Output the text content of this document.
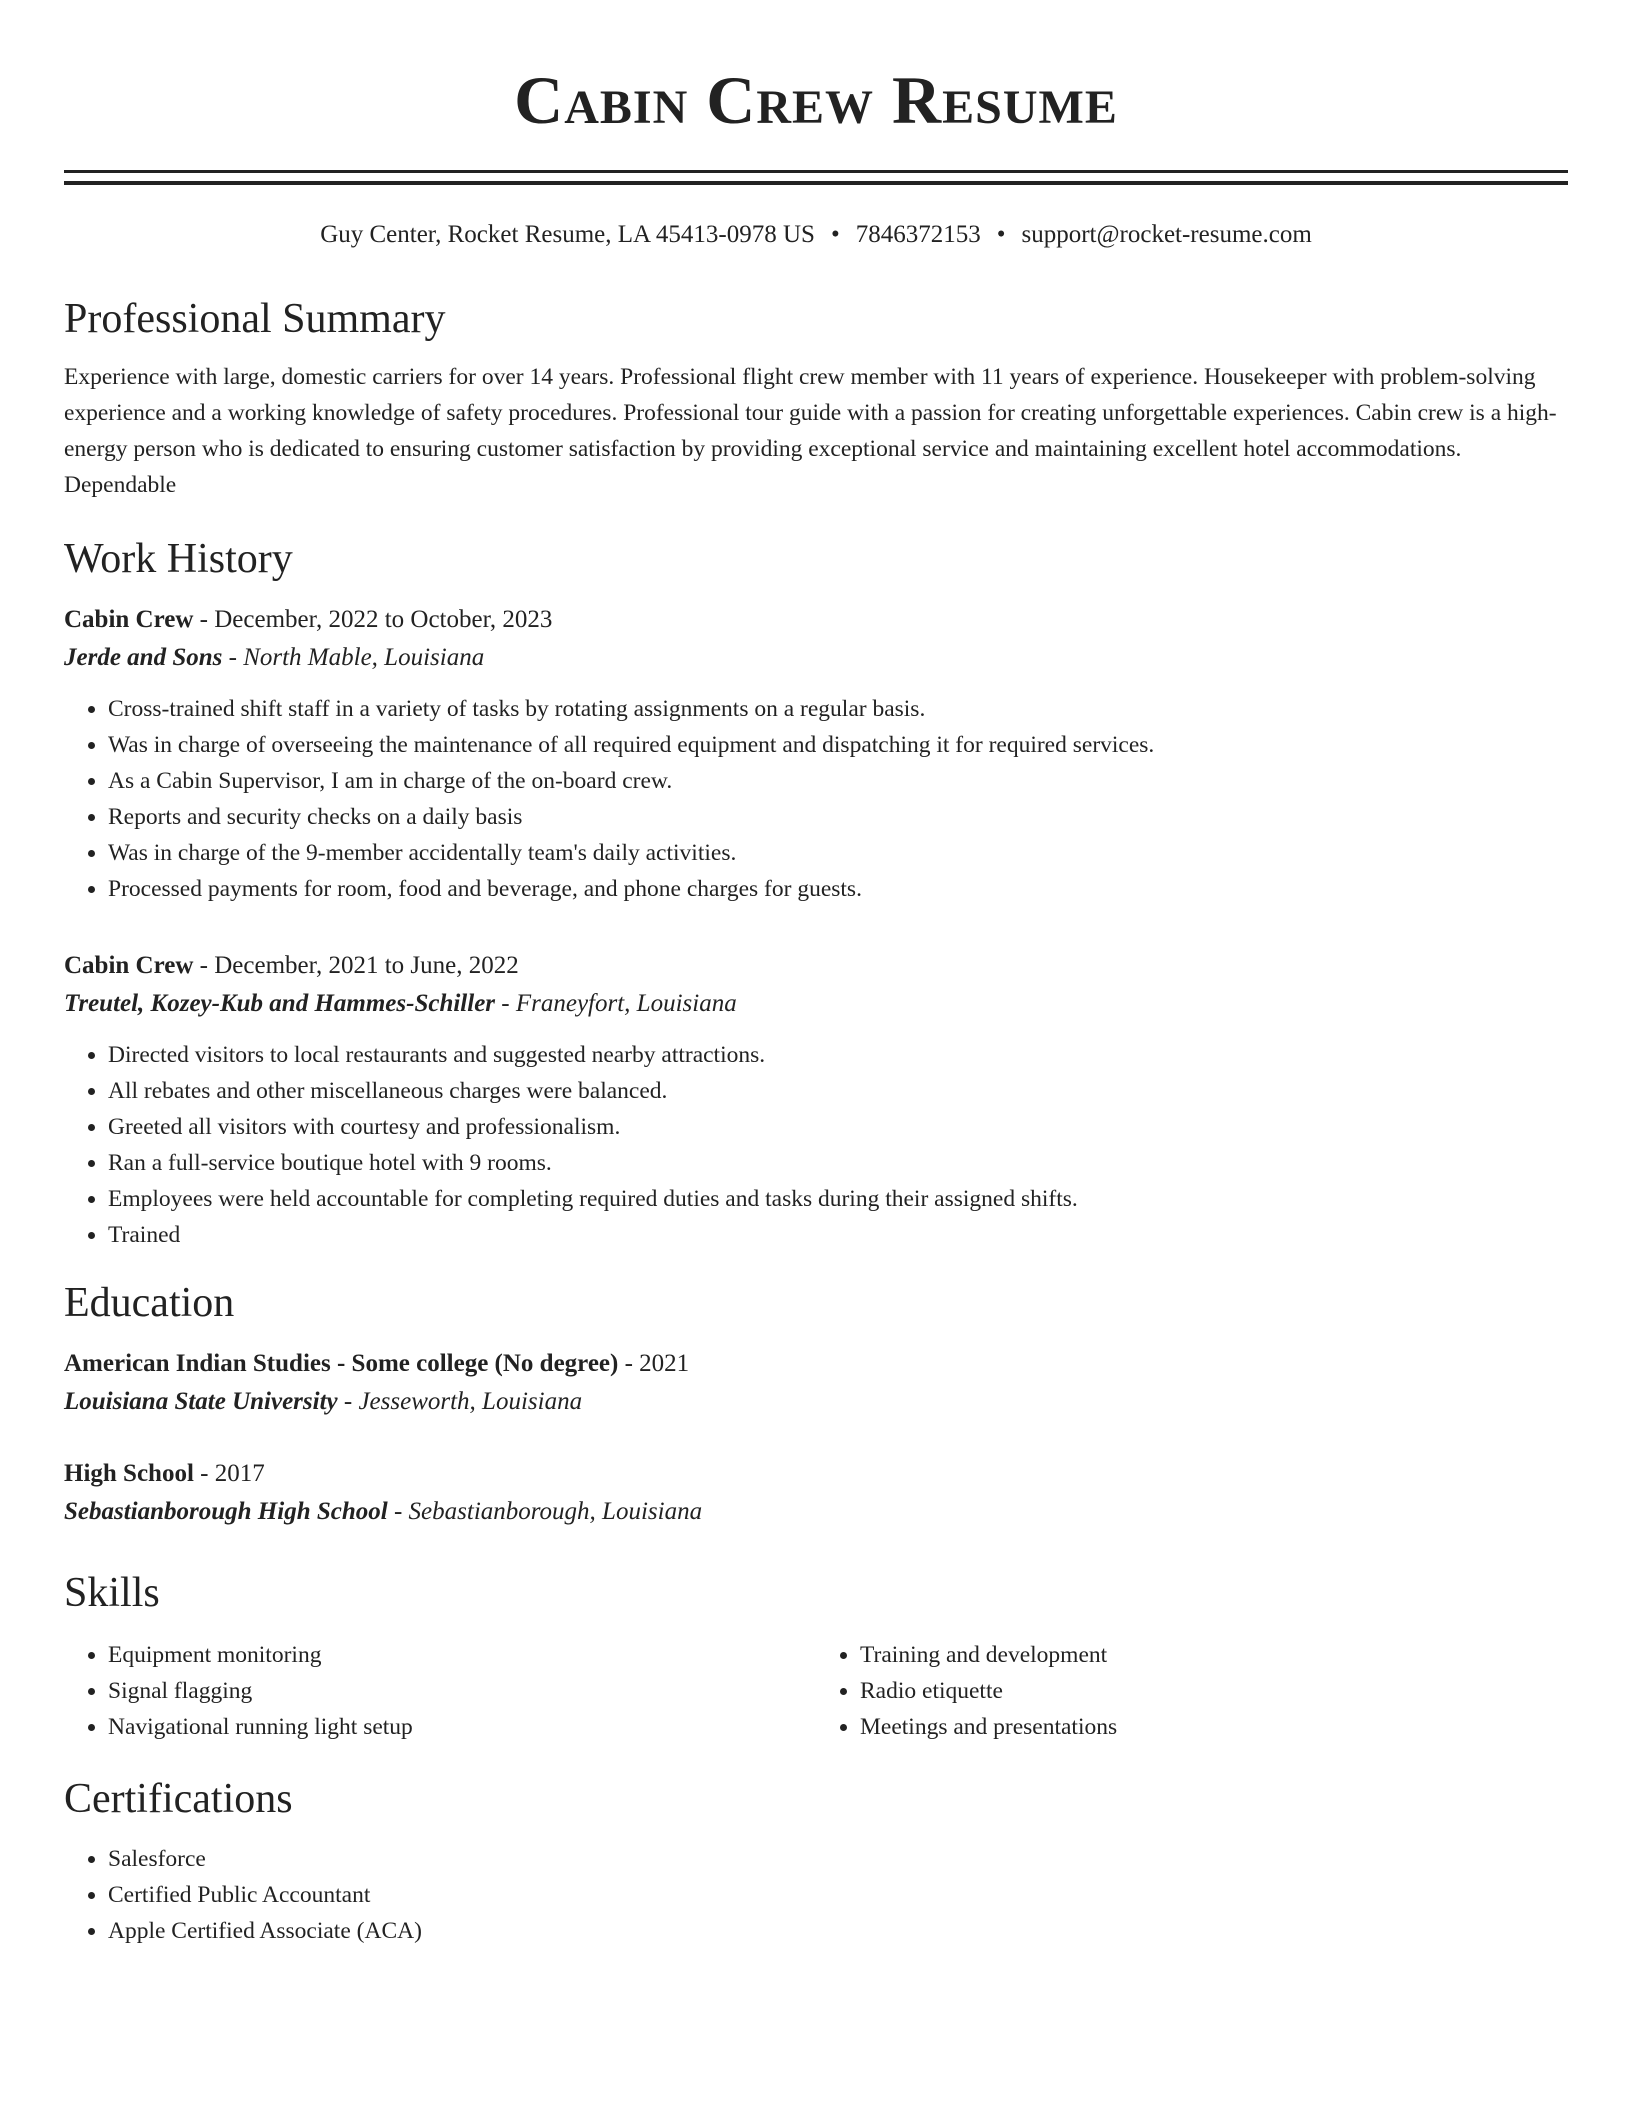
Cabin Crew Resume
Guy Center, Rocket Resume, LA 45413-0978 US • 7846372153 • support@rocket-resume.com
Professional Summary
Experience with large, domestic carriers for over 14 years. Professional flight crew member with 11 years of experience. Housekeeper with problem-solving experience and a working knowledge of safety procedures. Professional tour guide with a passion for creating unforgettable experiences. Cabin crew is a high-energy person who is dedicated to ensuring customer satisfaction by providing exceptional service and maintaining excellent hotel accommodations. Dependable
Work History
Cabin Crew - December, 2022 to October, 2023
Jerde and Sons - North Mable, Louisiana
• Cross-trained shift staff in a variety of tasks by rotating assignments on a regular basis.
• Was in charge of overseeing the maintenance of all required equipment and dispatching it for required services.
• As a Cabin Supervisor, I am in charge of the on-board crew.
• Reports and security checks on a daily basis
• Was in charge of the 9-member accidentally team's daily activities.
• Processed payments for room, food and beverage, and phone charges for guests.
Cabin Crew - December, 2021 to June, 2022
Treutel, Kozey-Kub and Hammes-Schiller - Franeyfort, Louisiana
• Directed visitors to local restaurants and suggested nearby attractions.
• All rebates and other miscellaneous charges were balanced.
• Greeted all visitors with courtesy and professionalism.
• Ran a full-service boutique hotel with 9 rooms.
• Employees were held accountable for completing required duties and tasks during their assigned shifts.
• Trained
Education
American Indian Studies - Some college (No degree) - 2021
Louisiana State University - Jesseworth, Louisiana
High School - 2017
Sebastianborough High School - Sebastianborough, Louisiana
Skills
• Equipment monitoring
• Signal flagging
• Navigational running light setup
• Training and development
• Radio etiquette
• Meetings and presentations
Certifications
• Salesforce
• Certified Public Accountant
• Apple Certified Associate (ACA)
